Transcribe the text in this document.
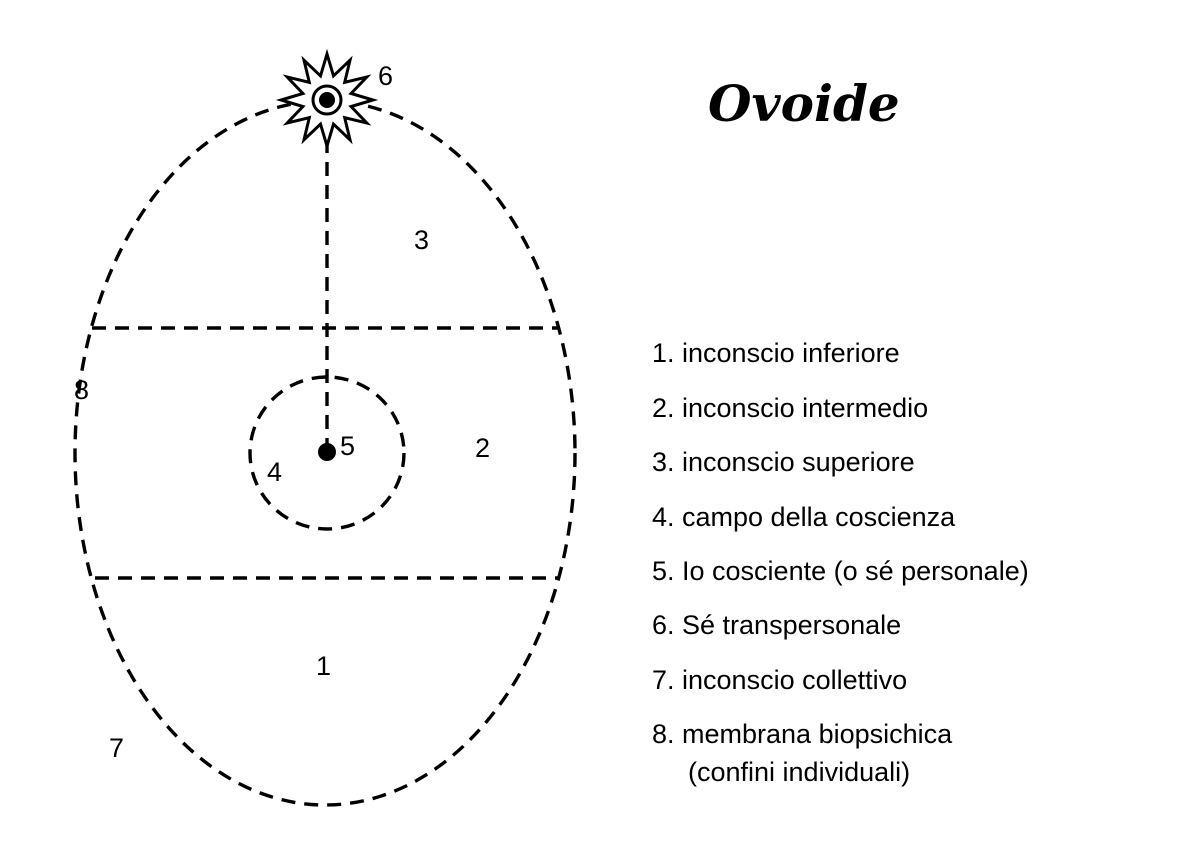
1
2
3
4
5
6
7
8
Ovoide
1. inconscio inferiore
2. inconscio intermedio
3. inconscio superiore
4. campo della coscienza
5. Io cosciente (o sé personale)
6. Sé transpersonale
7. inconscio collettivo
8. membrana biopsichica
(confini individuali)
